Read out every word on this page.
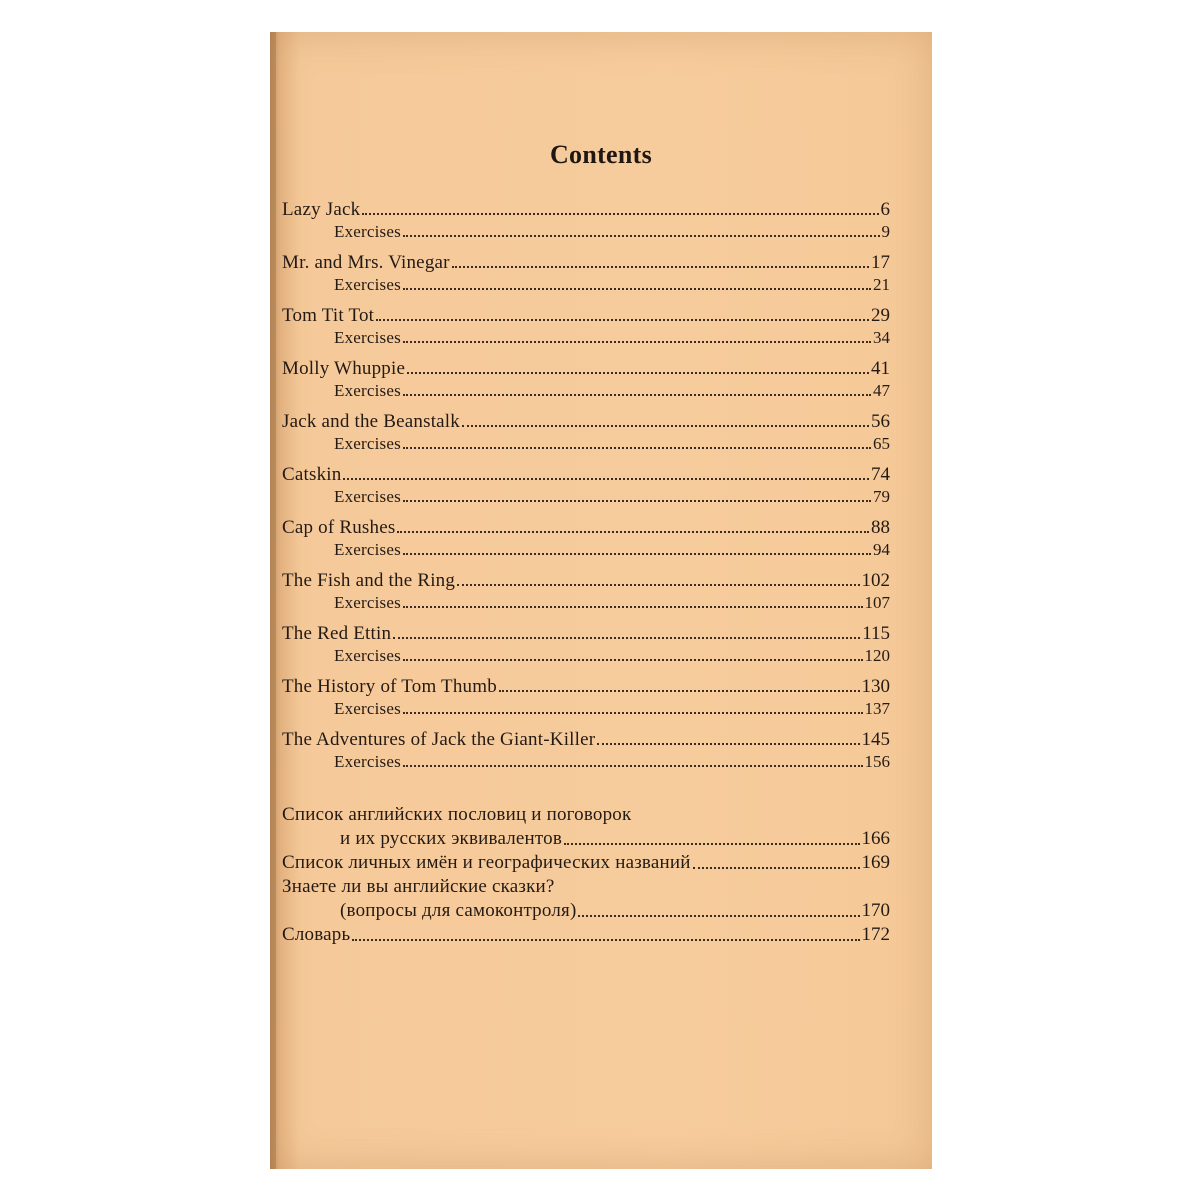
Contents
Lazy Jack	6
Exercises	9
Mr. and Mrs. Vinegar	17
Exercises	21
Tom Tit Tot	29
Exercises	34
Molly Whuppie	41
Exercises	47
Jack and the Beanstalk	56
Exercises	65
Catskin	74
Exercises	79
Cap of Rushes	88
Exercises	94
The Fish and the Ring	102
Exercises	107
The Red Ettin	115
Exercises	120
The History of Tom Thumb	130
Exercises	137
The Adventures of Jack the Giant-Killer	145
Exercises	156
Список английских пословиц и поговорок
и их русских эквивалентов	166
Список личных имён и географических названий	169
Знаете ли вы английские сказки?
(вопросы для самоконтроля)	170
Словарь	172
